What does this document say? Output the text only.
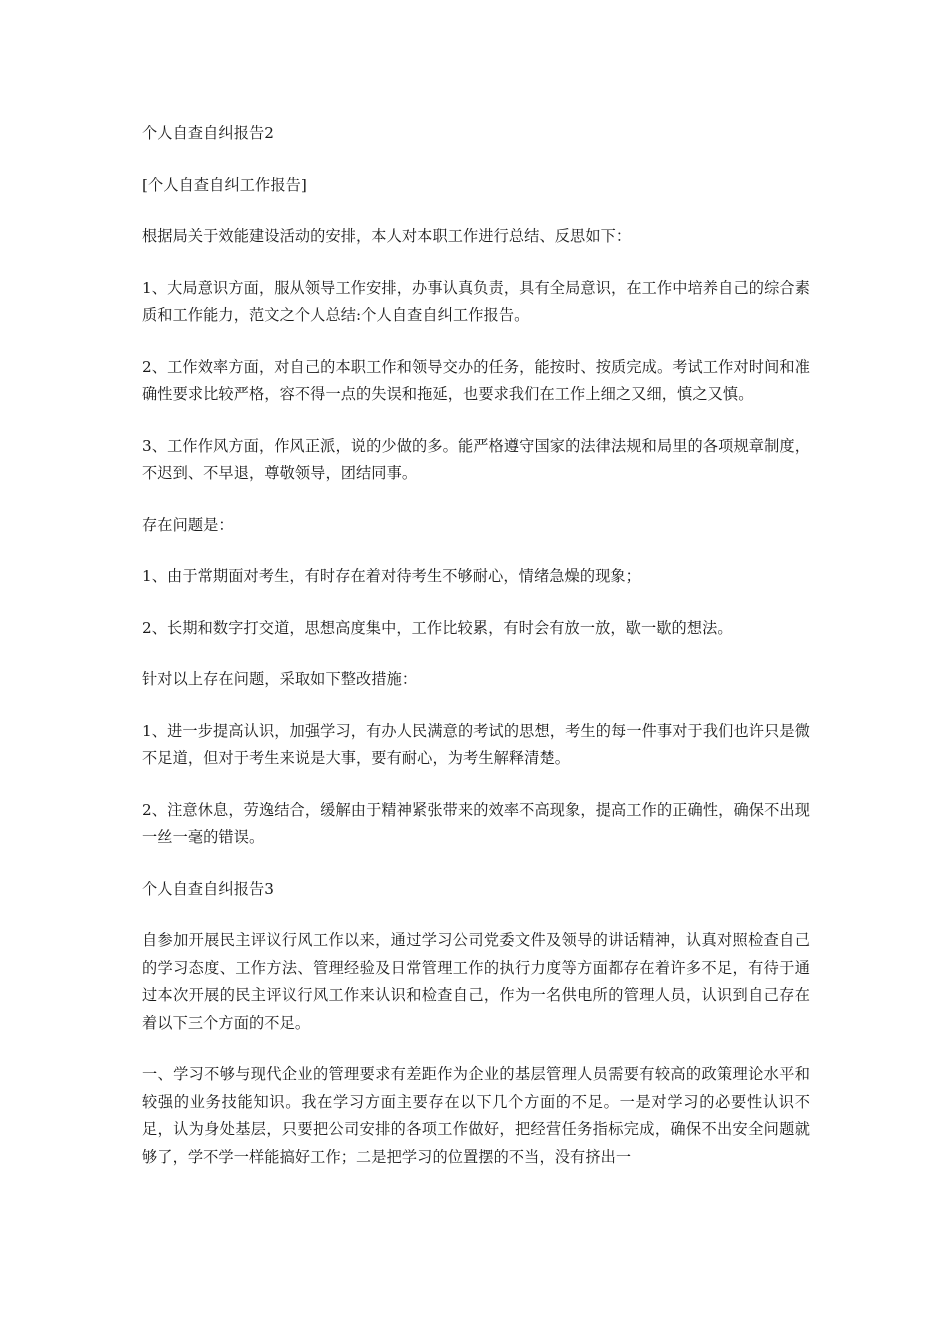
个人自查自纠报告2

[个人自查自纠工作报告]

根据局关于效能建设活动的安排，本人对本职工作进行总结、反思如下：

1、大局意识方面，服从领导工作安排，办事认真负责，具有全局意识，在工作中培养自己的综合素质和工作能力，范文之个人总结:个人自查自纠工作报告。

2、工作效率方面，对自己的本职工作和领导交办的任务，能按时、按质完成。考试工作对时间和准确性要求比较严格，容不得一点的失误和拖延，也要求我们在工作上细之又细，慎之又慎。

3、工作作风方面，作风正派，说的少做的多。能严格遵守国家的法律法规和局里的各项规章制度，不迟到、不早退，尊敬领导，团结同事。

存在问题是：

1、由于常期面对考生，有时存在着对待考生不够耐心，情绪急燥的现象；

2、长期和数字打交道，思想高度集中，工作比较累，有时会有放一放，歇一歇的想法。

针对以上存在问题，采取如下整改措施：

1、进一步提高认识，加强学习，有办人民满意的考试的思想，考生的每一件事对于我们也许只是微不足道，但对于考生来说是大事，要有耐心，为考生解释清楚。

2、注意休息，劳逸结合，缓解由于精神紧张带来的效率不高现象，提高工作的正确性，确保不出现一丝一毫的错误。

个人自查自纠报告3

自参加开展民主评议行风工作以来，通过学习公司党委文件及领导的讲话精神，认真对照检查自己的学习态度、工作方法、管理经验及日常管理工作的执行力度等方面都存在着许多不足，有待于通过本次开展的民主评议行风工作来认识和检查自己，作为一名供电所的管理人员，认识到自己存在着以下三个方面的不足。

一、学习不够与现代企业的管理要求有差距作为企业的基层管理人员需要有较高的政策理论水平和较强的业务技能知识。我在学习方面主要存在以下几个方面的不足。一是对学习的必要性认识不足，认为身处基层，只要把公司安排的各项工作做好，把经营任务指标完成，确保不出安全问题就够了，学不学一样能搞好工作；二是把学习的位置摆的不当，没有挤出一
